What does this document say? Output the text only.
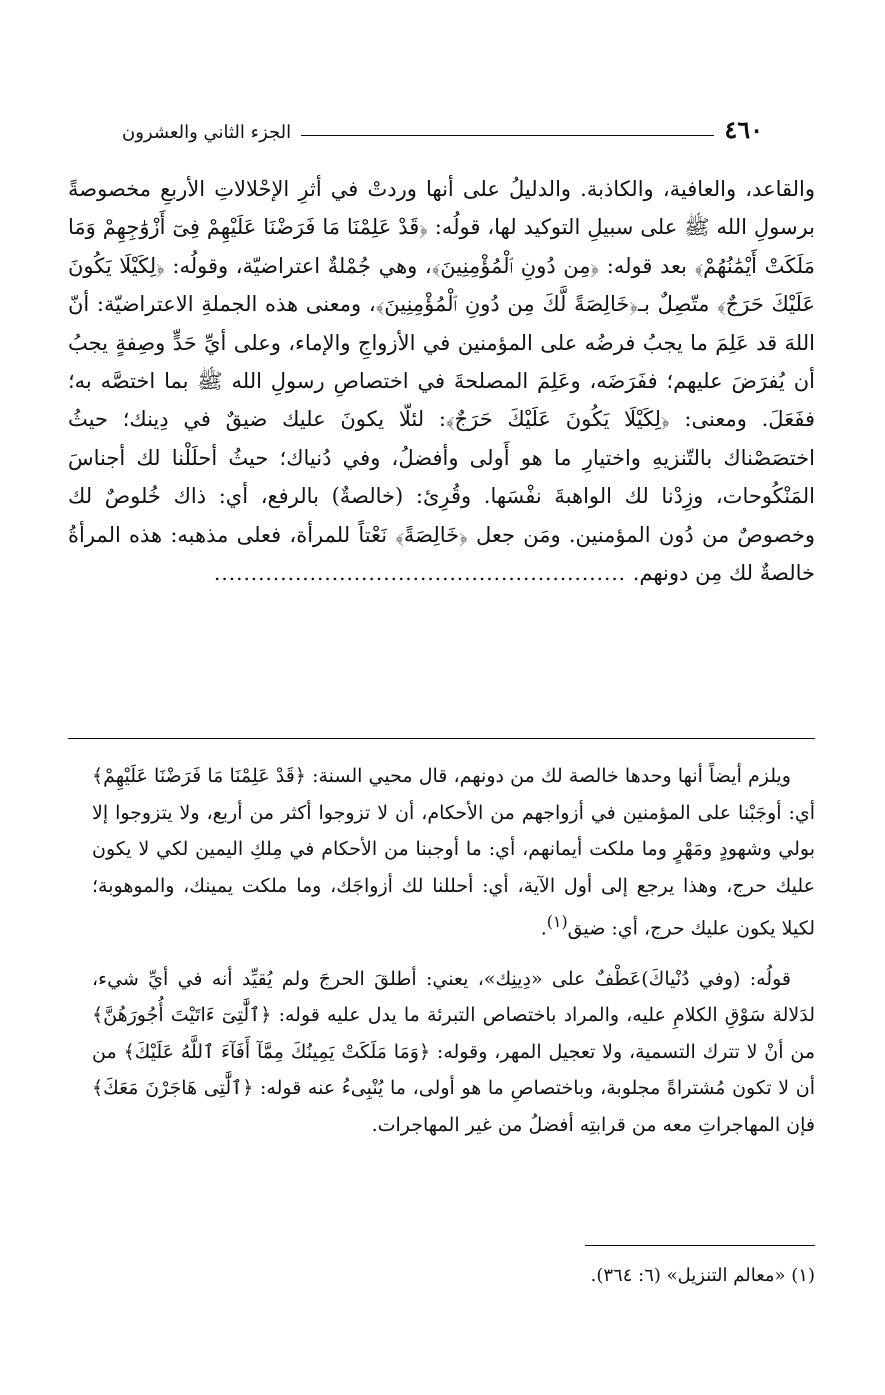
٤٦٠
الجزء الثاني والعشرون

والقاعد، والعافية، والكاذبة. والدليلُ على أنها وردتْ في أثرِ الإحْلالاتِ الأربعِ مخصوصةً برسولِ الله ﷺ على سبيلِ التوكيد لها، قولُه: ﴿قَدْ عَلِمْنَا مَا فَرَضْنَا عَلَيْهِمْ فِىٓ أَزْوَٰجِهِمْ وَمَا مَلَكَتْ أَيْمَٰنُهُمْ﴾ بعد قوله: ﴿مِن دُونِ ٱلْمُؤْمِنِينَ﴾، وهي جُمْلةٌ اعتراضيّة، وقولُه: ﴿لِكَيْلَا يَكُونَ عَلَيْكَ حَرَجٌ﴾ متّصِلٌ بـ﴿خَالِصَةً لَّكَ مِن دُونِ ٱلْمُؤْمِنِينَ﴾، ومعنى هذه الجملةِ الاعتراضيّة: أنّ اللهَ قد عَلِمَ ما يجبُ فرضُه على المؤمنين في الأزواجِ والإماء، وعلى أيِّ حَدٍّ وصِفةٍ يجبُ أن يُفرَضَ عليهم؛ ففَرَضَه، وعَلِمَ المصلحةَ في اختصاصِ رسولِ الله ﷺ بما اختصَّه به؛ ففَعَلَ. ومعنى: ﴿لِكَيْلَا يَكُونَ عَلَيْكَ حَرَجٌ﴾: لئلّا يكونَ عليك ضيقٌ في دِينك؛ حيثُ اختصَصْناك بالتّنزيهِ واختيارِ ما هو أَولى وأفضلُ، وفي دُنياك؛ حيثُ أحلَلْنا لك أجناسَ المَنْكُوحات، وزِدْنا لك الواهبةَ نفْسَها. وقُرِئ: (خالصةٌ) بالرفع، أي: ذاك خُلوصٌ لك وخصوصٌ من دُون المؤمنين. ومَن جعل ﴿خَالِصَةً﴾ نَعْتاً للمرأة، فعلى مذهبه: هذه المرأةُ خالصةٌ لك مِن دونهم. ........................................................

ويلزم أيضاً أنها وحدها خالصة لك من دونهم، قال محيي السنة: ﴿قَدْ عَلِمْنَا مَا فَرَضْنَا عَلَيْهِمْ﴾ أي: أوجَبْنا على المؤمنين في أزواجهم من الأحكام، أن لا تزوجوا أكثر من أربع، ولا يتزوجوا إلا بولي وشهودٍ ومَهْرٍ وما ملكت أيمانهم، أي: ما أوجبنا من الأحكام في مِلكِ اليمين لكي لا يكون عليك حرج، وهذا يرجع إلى أول الآية، أي: أحللنا لك أزواجَك، وما ملكت يمينك، والموهوبة؛ لكيلا يكون عليك حرج، أي: ضيق$^{(١)}$.

قولُه: (وفي دُنْياكَ)عَطْفٌ على «دِينِك»، يعني: أطلقَ الحرجَ ولم يُقيِّد أنه في أيِّ شيء، لدَلالة سَوْقِ الكلامِ عليه، والمراد باختصاص التبرئة ما يدل عليه قوله: ﴿ٱلَّٰتِىٓ ءَاتَيْتَ أُجُورَهُنَّ﴾ من أنْ لا تترك التسمية، ولا تعجيل المهر، وقوله: ﴿وَمَا مَلَكَتْ يَمِينُكَ مِمَّآ أَفَآءَ ٱللَّهُ عَلَيْكَ﴾ من أن لا تكون مُشتراةً مجلوبة، وباختصاصِ ما هو أولى، ما يُنْبِىءُ عنه قوله: ﴿ٱلَّٰتِى هَاجَرْنَ مَعَكَ﴾ فإن المهاجراتِ معه من قرابتِه أفضلُ من غير المهاجرات.

(١) «معالم التنزيل» (٦: ٣٦٤).
